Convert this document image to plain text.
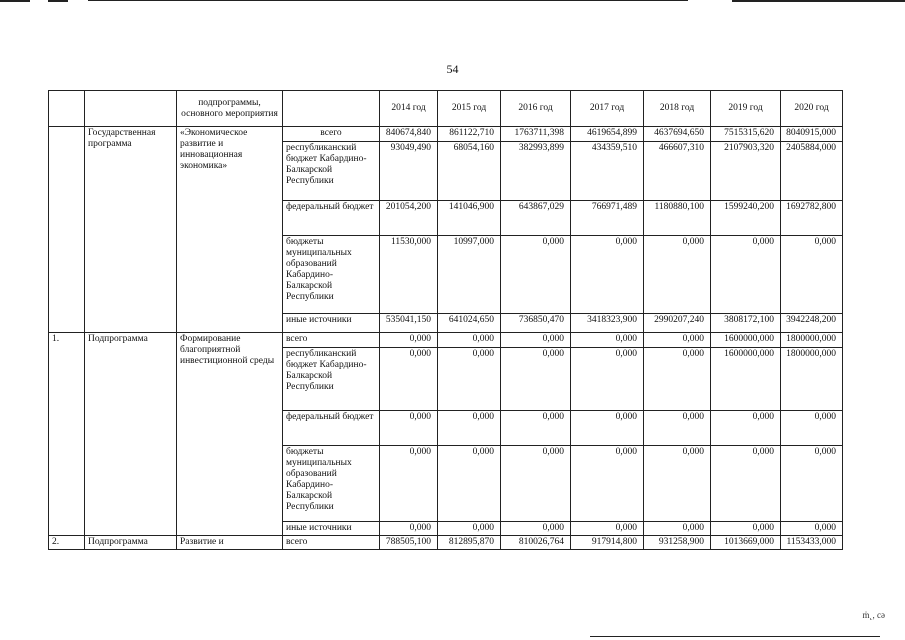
54
		подпрограммы, основного мероприятия		2014 год	2015 год	2016 год	2017 год	2018 год	2019 год	2020 год
	Государственная программа	«Экономическое развитие и инновационная экономика»	всего	840674,840	861122,710	1763711,398	4619654,899	4637694,650	7515315,620	8040915,000
			республиканский бюджет Кабардино-Балкарской Республики	93049,490	68054,160	382993,899	434359,510	466607,310	2107903,320	2405884,000
			федеральный бюджет	201054,200	141046,900	643867,029	766971,489	1180880,100	1599240,200	1692782,800
			бюджеты муниципальных образований Кабардино-Балкарской Республики	11530,000	10997,000	0,000	0,000	0,000	0,000	0,000
			иные источники	535041,150	641024,650	736850,470	3418323,900	2990207,240	3808172,100	3942248,200
1.	Подпрограмма	Формирование благоприятной инвестиционной среды	всего	0,000	0,000	0,000	0,000	0,000	1600000,000	1800000,000
			республиканский бюджет Кабардино-Балкарской Республики	0,000	0,000	0,000	0,000	0,000	1600000,000	1800000,000
			федеральный бюджет	0,000	0,000	0,000	0,000	0,000	0,000	0,000
			бюджеты муниципальных образований Кабардино-Балкарской Республики	0,000	0,000	0,000	0,000	0,000	0,000	0,000
			иные источники	0,000	0,000	0,000	0,000	0,000	0,000	0,000
2.	Подпрограмма	Развитие и	всего	788505,100	812895,870	810026,764	917914,800	931258,900	1013669,000	1153433,000
ṁ˛, сə
